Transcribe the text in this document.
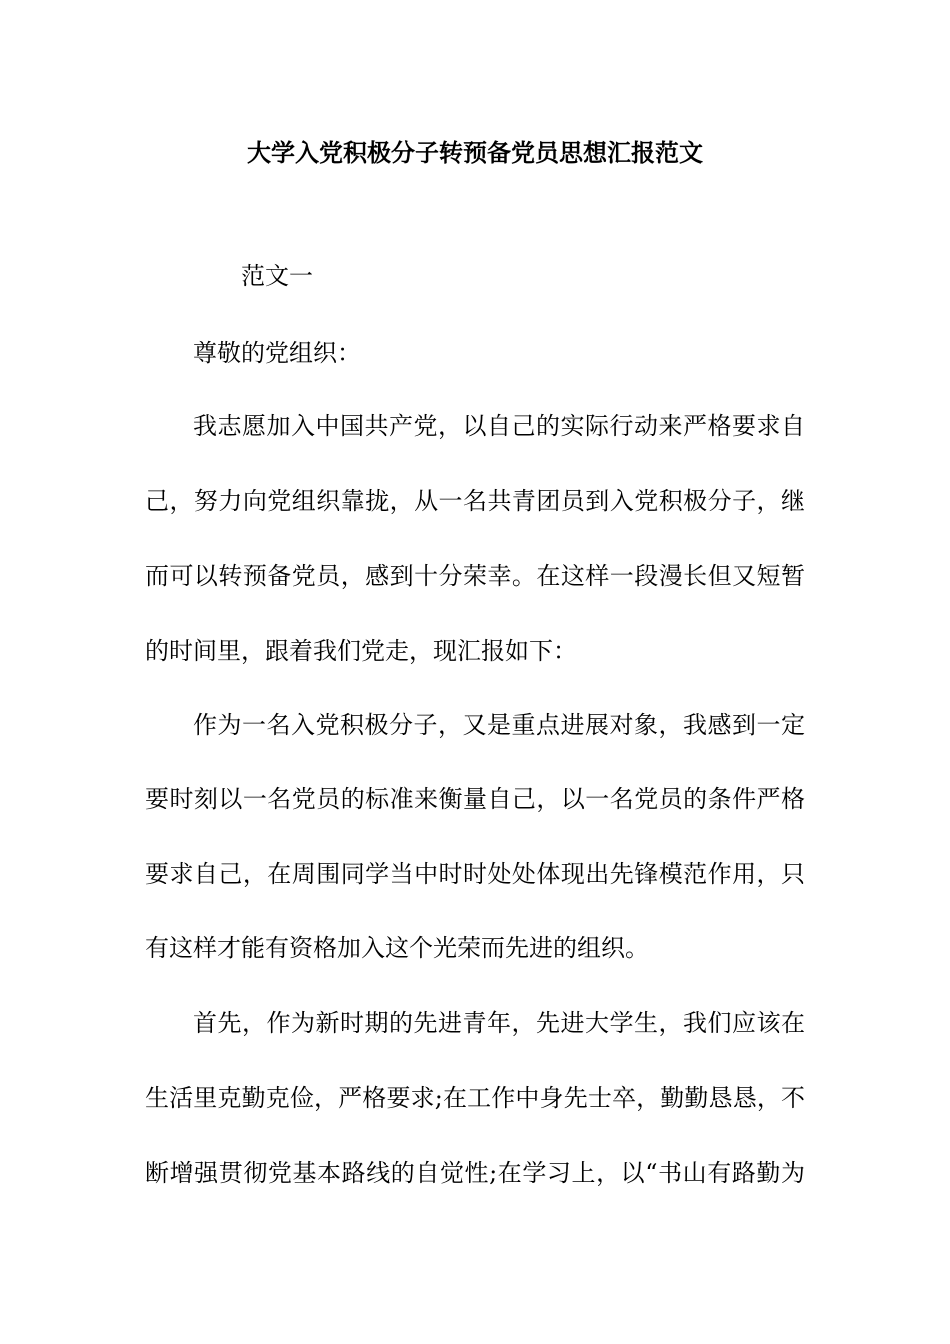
大学入党积极分子转预备党员思想汇报范文
范文一
尊敬的党组织：
我志愿加入中国共产党，以自己的实际行动来严格要求自
己，努力向党组织靠拢，从一名共青团员到入党积极分子，继
而可以转预备党员，感到十分荣幸。在这样一段漫长但又短暂
的时间里，跟着我们党走，现汇报如下：
作为一名入党积极分子，又是重点进展对象，我感到一定
要时刻以一名党员的标准来衡量自己，以一名党员的条件严格
要求自己，在周围同学当中时时处处体现出先锋模范作用，只
有这样才能有资格加入这个光荣而先进的组织。
首先，作为新时期的先进青年，先进大学生，我们应该在
生活里克勤克俭，严格要求;在工作中身先士卒，勤勤恳恳，不
断增强贯彻党基本路线的自觉性;在学习上，以“书山有路勤为
